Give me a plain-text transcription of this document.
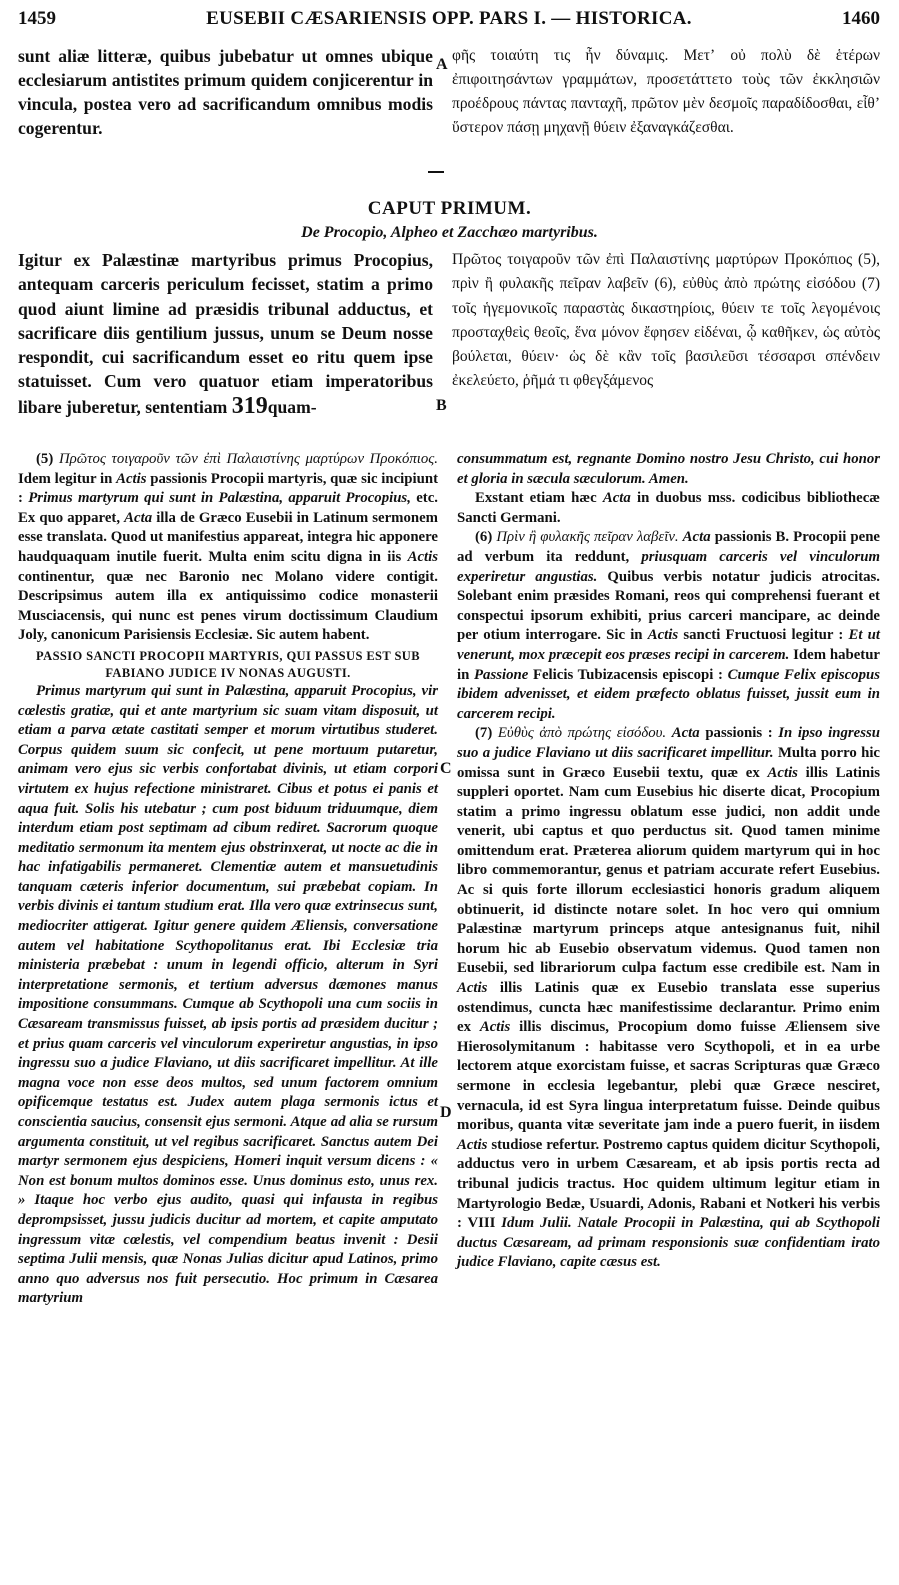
1459	EUSEBII CÆSARIENSIS OPP. PARS I. — HISTORICA.	1460
sunt aliæ litteræ, quibus jubebatur ut omnes ubique ecclesiarum antistites primum quidem conjicerentur in vincula, postea vero ad sacrificandum omnibus modis cogerentur.
A
φῆς τοιαύτη τις ἦν δύναμις. Μετʼ οὐ πολὺ δὲ ἑτέρων ἐπιφοιτησάντων γραμμάτων, προσετάττετο τοὺς τῶν ἐκκλησιῶν προέδρους πάντας πανταχῆ, πρῶτον μὲν δεσμοῖς παραδίδοσθαι, εἶθʼ ὕστερον πάσῃ μηχανῇ θύειν ἐξαναγκάζεσθαι.
CAPUT PRIMUM.
De Procopio, Alpheo et Zacchæo martyribus.
Igitur ex Palæstinæ martyribus primus Procopius, antequam carceris periculum fecisset, statim a primo quod aiunt limine ad præsidis tribunal adductus, et sacrificare diis gentilium jussus, unum se Deum nosse respondit, cui sacrificandum esset eo ritu quem ipse statuisset. Cum vero quatuor etiam imperatoribus libare juberetur, sententiam 319quam-	B
Πρῶτος τοιγαροῦν τῶν ἐπὶ Παλαιστίνης μαρτύρων Προκόπιος (5), πρὶν ἢ φυλακῆς πεῖραν λαβεῖν (6), εὐθὺς ἀπὸ πρώτης εἰσόδου (7) τοῖς ἡγεμονικοῖς παραστὰς δικαστηρίοις, θύειν τε τοῖς λεγομένοις προσταχθεὶς θεοῖς, ἕνα μόνον ἔφησεν εἰδέναι, ᾧ καθῆκεν, ὡς αὐτὸς βούλεται, θύειν· ὡς δὲ κἂν τοῖς βασιλεῦσι τέσσαρσι σπένδειν ἐκελεύετο, ῥῆμά τι φθεγξάμενος

(5) Πρῶτος τοιγαροῦν τῶν ἐπὶ Παλαιστίνης μαρτύρων Προκόπιος. Idem legitur in Actis passionis Procopii martyris, quæ sic incipiunt : Primus martyrum qui sunt in Palæstina, apparuit Procopius, etc. Ex quo apparet, Acta illa de Græco Eusebii in Latinum sermonem esse translata. Quod ut manifestius appareat, integra hic apponere haudquaquam inutile fuerit. Multa enim scitu digna in iis Actis continentur, quæ nec Baronio nec Molano videre contigit. Descripsimus autem illa ex antiquissimo codice monasterii Musciacensis, qui nunc est penes virum doctissimum Claudium Joly, canonicum Parisiensis Ecclesiæ. Sic autem habent.

PASSIO SANCTI PROCOPII MARTYRIS, QUI PASSUS EST SUB FABIANO JUDICE IV NONAS AUGUSTI.

Primus martyrum qui sunt in Palæstina, apparuit Procopius, vir cœlestis gratiæ, qui et ante martyrium sic suam vitam disposuit, ut etiam a parva ætate castitati semper et morum virtutibus studeret. Corpus quidem suum sic confecit, ut pene mortuum putaretur, animam vero ejus sic verbis confortabat divinis, ut etiam corpori virtutem ex hujus refectione ministraret. Cibus et potus ei panis et aqua fuit. Solis his utebatur ; cum post biduum triduumque, diem interdum etiam post septimam ad cibum rediret. Sacrorum quoque meditatio sermonum ita mentem ejus obstrinxerat, ut nocte ac die in hac infatigabilis permaneret. Clementiæ autem et mansuetudinis tanquam cæteris inferior documentum, sui præbebat copiam. In verbis divinis ei tantum studium erat. Illa vero quæ extrinsecus sunt, mediocriter attigerat. Igitur genere quidem Æliensis, conversatione autem vel habitatione Scythopolitanus erat. Ibi Ecclesiæ tria ministeria præbebat : unum in legendi officio, alterum in Syri interpretatione sermonis, et tertium adversus dæmones manus impositione consummans. Cumque ab Scythopoli una cum sociis in Cæsaream transmissus fuisset, ab ipsis portis ad præsidem ducitur ; et prius quam carceris vel vinculorum experiretur angustias, in ipso ingressu suo a judice Flaviano, ut diis sacrificaret impellitur. At ille magna voce non esse deos multos, sed unum factorem omnium opificemque testatus est. Judex autem plaga sermonis ictus et conscientia saucius, consensit ejus sermoni. Atque ad alia se rursum argumenta constituit, ut vel regibus sacrificaret. Sanctus autem Dei martyr sermonem ejus despiciens, Homeri inquit versum dicens : « Non est bonum multos dominos esse. Unus dominus esto, unus rex. » Itaque hoc verbo ejus audito, quasi qui infausta in regibus deprompsisset, jussu judicis ducitur ad mortem, et capite amputato ingressum vitæ cœlestis, vel compendium beatus invenit : Desii septima Julii mensis, quæ Nonas Julias dicitur apud Latinos, primo anno quo adversus nos fuit persecutio. Hoc primum in Cæsarea martyrium

C
D
consummatum est, regnante Domino nostro Jesu Christo, cui honor et gloria in sæcula sæculorum. Amen.

Exstant etiam hæc Acta in duobus mss. codicibus bibliothecæ Sancti Germani.

(6) Πρὶν ἢ φυλακῆς πεῖραν λαβεῖν. Acta passionis B. Procopii pene ad verbum ita reddunt, priusquam carceris vel vinculorum experiretur angustias. Quibus verbis notatur judicis atrocitas. Solebant enim præsides Romani, reos qui comprehensi fuerant et conspectui ipsorum exhibiti, prius carceri mancipare, ac deinde per otium interrogare. Sic in Actis sancti Fructuosi legitur : Et ut venerunt, mox præcepit eos præses recipi in carcerem. Idem habetur in Passione Felicis Tubizacensis episcopi : Cumque Felix episcopus ibidem advenisset, et eidem præfecto oblatus fuisset, jussit eum in carcerem recipi.

(7) Εὐθὺς ἀπὸ πρώτης εἰσόδου. Acta passionis : In ipso ingressu suo a judice Flaviano ut diis sacrificaret impellitur. Multa porro hic omissa sunt in Græco Eusebii textu, quæ ex Actis illis Latinis suppleri oportet. Nam cum Eusebius hic diserte dicat, Procopium statim a primo ingressu oblatum esse judici, non addit unde venerit, ubi captus et quo perductus sit. Quod tamen minime omittendum erat. Præterea aliorum quidem martyrum qui in hoc libro commemorantur, genus et patriam accurate refert Eusebius. Ac si quis forte illorum ecclesiastici honoris gradum aliquem obtinuerit, id distincte notare solet. In hoc vero qui omnium Palæstinæ martyrum princeps atque antesignanus fuit, nihil horum hic ab Eusebio observatum videmus. Quod tamen non Eusebii, sed librariorum culpa factum esse credibile est. Nam in Actis illis Latinis quæ ex Eusebio translata esse superius ostendimus, cuncta hæc manifestissime declarantur. Primo enim ex Actis illis discimus, Procopium domo fuisse Æliensem sive Hierosolymitanum : habitasse vero Scythopoli, et in ea urbe lectorem atque exorcistam fuisse, et sacras Scripturas quæ Græco sermone in ecclesia legebantur, plebi quæ Græce nesciret, vernacula, id est Syra lingua interpretatum fuisse. Deinde quibus moribus, quanta vitæ severitate jam inde a puero fuerit, in iisdem Actis studiose refertur. Postremo captus quidem dicitur Scythopoli, adductus vero in urbem Cæsaream, et ab ipsis portis recta ad tribunal judicis tractus. Hoc quidem ultimum legitur etiam in Martyrologio Bedæ, Usuardi, Adonis, Rabani et Notkeri his verbis : VIII Idum Julii. Natale Procopii in Palæstina, qui ab Scythopoli ductus Cæsaream, ad primam responsionis suæ confidentiam irato judice Flaviano, capite cæsus est.
